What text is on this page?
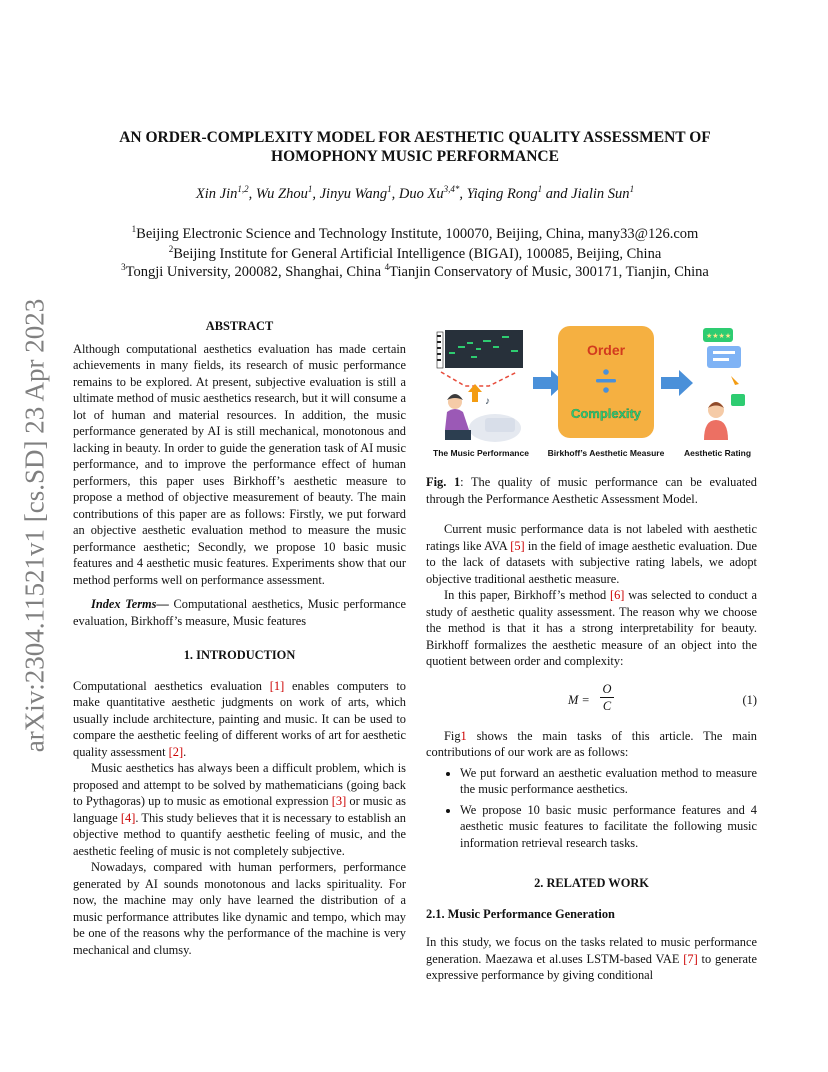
arXiv:2304.11521v1 [cs.SD] 23 Apr 2023
AN ORDER-COMPLEXITY MODEL FOR AESTHETIC QUALITY ASSESSMENT OF
HOMOPHONY MUSIC PERFORMANCE
Xin Jin$^{1,2}$, Wu Zhou$^1$, Jinyu Wang$^1$, Duo $Xu^{3,4*}$, Yiqing Rong$^1$ and Jialin Sun$^1$
$^1$Beijing Electronic Science and Technology Institute, 100070, Beijing, China, many33@126.com
$^2$Beijing Institute for General Artificial Intelligence (BIGAI), 100085, Beijing, China
$^3$Tongji University, 200082, Shanghai, China $^4$Tianjin Conservatory of Music, 300171, Tianjin, China
ABSTRACT
Although computational aesthetics evaluation has made certain achievements in many fields, its research of music performance remains to be explored. At present, subjective evaluation is still a ultimate method of music aesthetics research, but it will consume a lot of human and material resources. In addition, the music performance generated by AI is still mechanical, monotonous and lacking in beauty. In order to guide the generation task of AI music performance, and to improve the performance effect of human performers, this paper uses Birkhoff’s aesthetic measure to propose a method of objective measurement of beauty. The main contributions of this paper are as follows: Firstly, we put forward an objective aesthetic evaluation method to measure the music performance aesthetic; Secondly, we propose 10 basic music features and 4 aesthetic music features. Experiments show that our method performs well on performance assessment.
Index Terms— Computational aesthetics, Music performance evaluation, Birkhoff’s measure, Music features
1. INTRODUCTION

Computational aesthetics evaluation [1] enables computers to make quantitative aesthetic judgments on work of arts, which usually include architecture, painting and music. It can be used to compare the aesthetic feeling of different works of art for aesthetic quality assessment [2].

Music aesthetics has always been a difficult problem, which is proposed and attempt to be solved by mathematicians (going back to Pythagoras) up to music as emotional expression [3] or music as language [4]. This study believes that it is necessary to establish an objective method to quantify aesthetic feeling of music, and the aesthetic feeling of music is not completely subjective.

Nowadays, compared with human performers, performance generated by AI sounds monotonous and lacks spirituality. For now, the machine may only have learned the distribution of a music performance attributes like dynamic and tempo, which may be one of the reasons why the performance of the machine is very mechanical and clumsy.

♪
Order
Complexity
★★★★
The Music Performance	Birkhoff’s Aesthetic Measure	Aesthetic Rating
Fig. 1: The quality of music performance can be evaluated through the Performance Aesthetic Assessment Model.

Current music performance data is not labeled with aesthetic ratings like AVA [5] in the field of image aesthetic evaluation. Due to the lack of datasets with subjective rating labels, we adopt objective traditional aesthetic measure.

In this paper, Birkhoff’s method [6] was selected to conduct a study of aesthetic quality assessment. The reason why we choose the method is that it has a strong interpretability for beauty. Birkhoff formalizes the aesthetic measure of an object into the quotient between order and complexity:

$M = \frac{O}{C}$	(1)

Fig1 shows the main tasks of this article. The main contributions of our work are as follows:

• We put forward an aesthetic evaluation method to measure the music performance aesthetics.
• We propose 10 basic music performance features and 4 aesthetic music features to facilitate the following music information retrieval research tasks.
2. RELATED WORK
2.1. Music Performance Generation

In this study, we focus on the tasks related to music performance generation. Maezawa et al.uses LSTM-based VAE [7] to generate expressive performance by giving conditional
